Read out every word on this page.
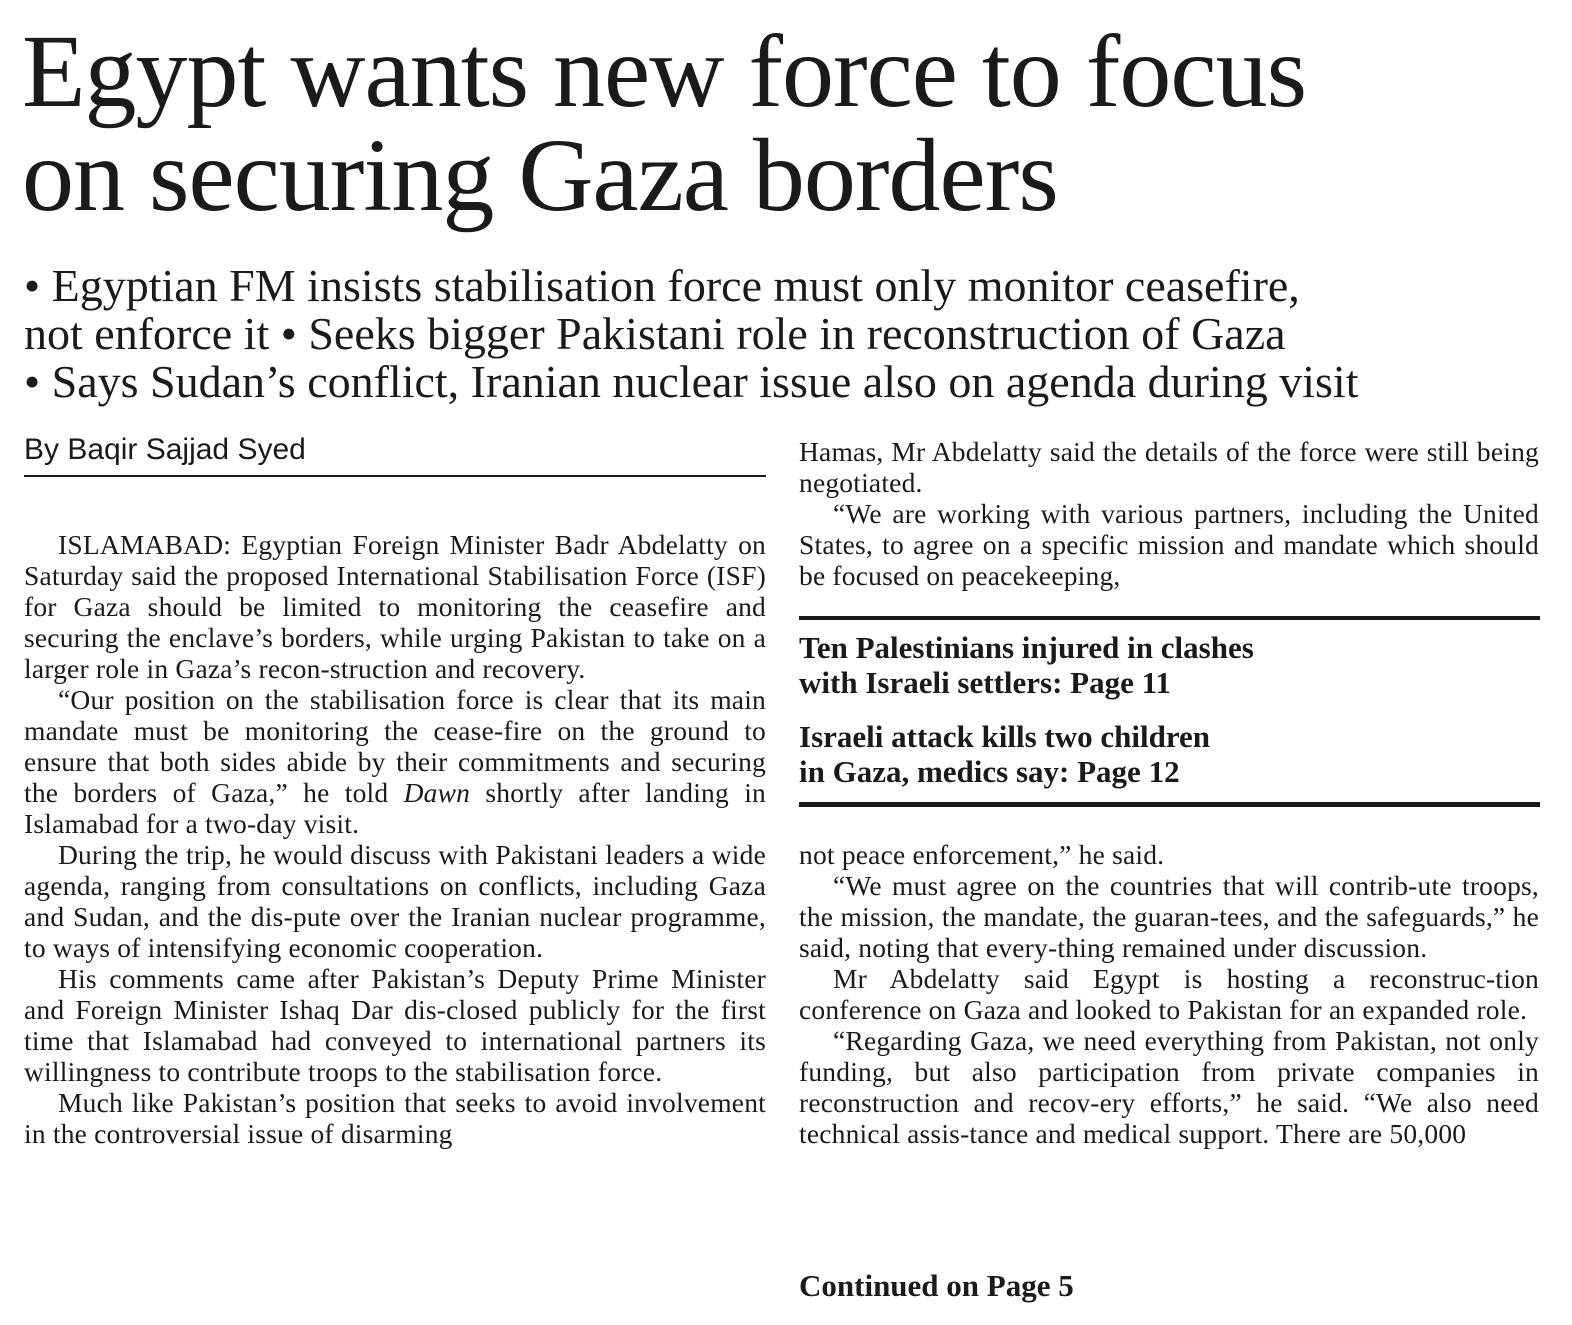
Egypt wants new force to focus
on securing Gaza borders
• Egyptian FM insists stabilisation force must only monitor ceasefire,
not enforce it • Seeks bigger Pakistani role in reconstruction of Gaza
• Says Sudan’s conflict, Iranian nuclear issue also on agenda during visit
By Baqir Sajjad Syed

ISLAMABAD: Egyptian Foreign Minister Badr Abdelatty on Saturday said the proposed International Stabilisation Force (ISF) for Gaza should be limited to monitoring the ceasefire and securing the enclave’s borders, while urging Pakistan to take on a larger role in Gaza’s recon-struction and recovery.

“Our position on the stabilisation force is clear that its main mandate must be monitoring the cease-fire on the ground to ensure that both sides abide by their commitments and securing the borders of Gaza,” he told Dawn shortly after landing in Islamabad for a two-day visit.

During the trip, he would discuss with Pakistani leaders a wide agenda, ranging from consultations on conflicts, including Gaza and Sudan, and the dis-pute over the Iranian nuclear programme, to ways of intensifying economic cooperation.

His comments came after Pakistan’s Deputy Prime Minister and Foreign Minister Ishaq Dar dis-closed publicly for the first time that Islamabad had conveyed to international partners its willingness to contribute troops to the stabilisation force.

Much like Pakistan’s position that seeks to avoid involvement in the controversial issue of disarming

Hamas, Mr Abdelatty said the details of the force were still being negotiated.

“We are working with various partners, including the United States, to agree on a specific mission and mandate which should be focused on peacekeeping,

Ten Palestinians injured in clashes
with Israeli settlers: Page 11
Israeli attack kills two children
in Gaza, medics say: Page 12

not peace enforcement,” he said.

“We must agree on the countries that will contrib-ute troops, the mission, the mandate, the guaran-tees, and the safeguards,” he said, noting that every-thing remained under discussion.

Mr Abdelatty said Egypt is hosting a reconstruc-tion conference on Gaza and looked to Pakistan for an expanded role.

“Regarding Gaza, we need everything from Pakistan, not only funding, but also participation from private companies in reconstruction and recov-ery efforts,” he said. “We also need technical assis-tance and medical support. There are 50,000

Continued on Page 5
